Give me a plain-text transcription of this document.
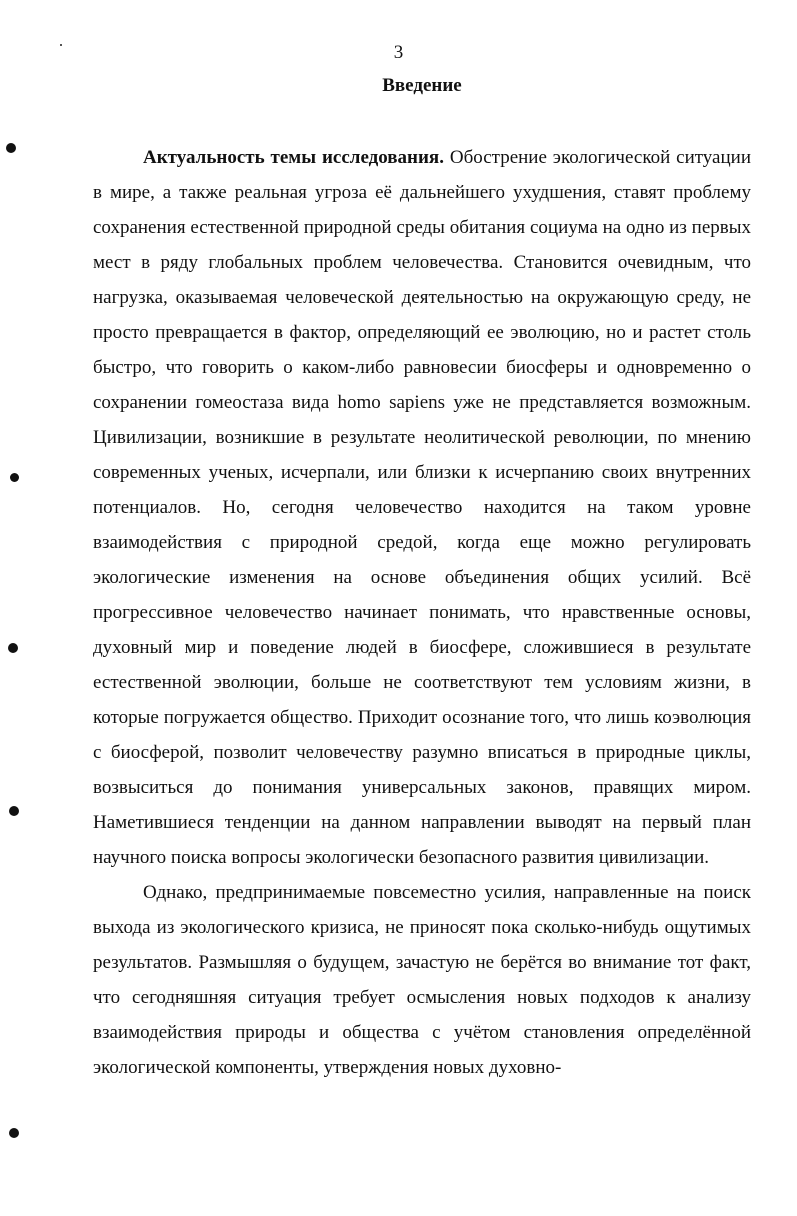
3
Введение

Актуальность темы исследования. Обострение экологической ситуации в мире, а также реальная угроза её дальнейшего ухудшения, ставят проблему сохранения естественной природной среды обитания социума на одно из первых мест в ряду глобальных проблем человечества. Становится очевидным, что нагрузка, оказываемая человеческой деятельностью на окружающую среду, не просто превращается в фактор, определяющий ее эволюцию, но и растет столь быстро, что говорить о каком-либо равновесии биосферы и одновременно о сохранении гомеостаза вида homo sapiens уже не представляется возможным. Цивилизации, возникшие в результате неолитической революции, по мнению современных ученых, исчерпали, или близки к исчерпанию своих внутренних потенциалов. Но, сегодня человечество находится на таком уровне взаимодействия с природной средой, когда еще можно регулировать экологические изменения на основе объединения общих усилий. Всё прогрессивное человечество начинает понимать, что нравственные основы, духовный мир и поведение людей в биосфере, сложившиеся в результате естественной эволюции, больше не соответствуют тем условиям жизни, в которые погружается общество. Приходит осознание того, что лишь коэволюция с биосферой, позволит человечеству разумно вписаться в природные циклы, возвыситься до понимания универсальных законов, правящих миром. Наметившиеся тенденции на данном направлении выводят на первый план научного поиска вопросы экологически безопасного развития цивилизации.

Однако, предпринимаемые повсеместно усилия, направленные на поиск выхода из экологического кризиса, не приносят пока сколько-нибудь ощутимых результатов. Размышляя о будущем, зачастую не берётся во внимание тот факт, что сегодняшняя ситуация требует осмысления новых подходов к анализу взаимодействия природы и общества с учётом становления определённой экологической компоненты, утверждения новых духовно-
